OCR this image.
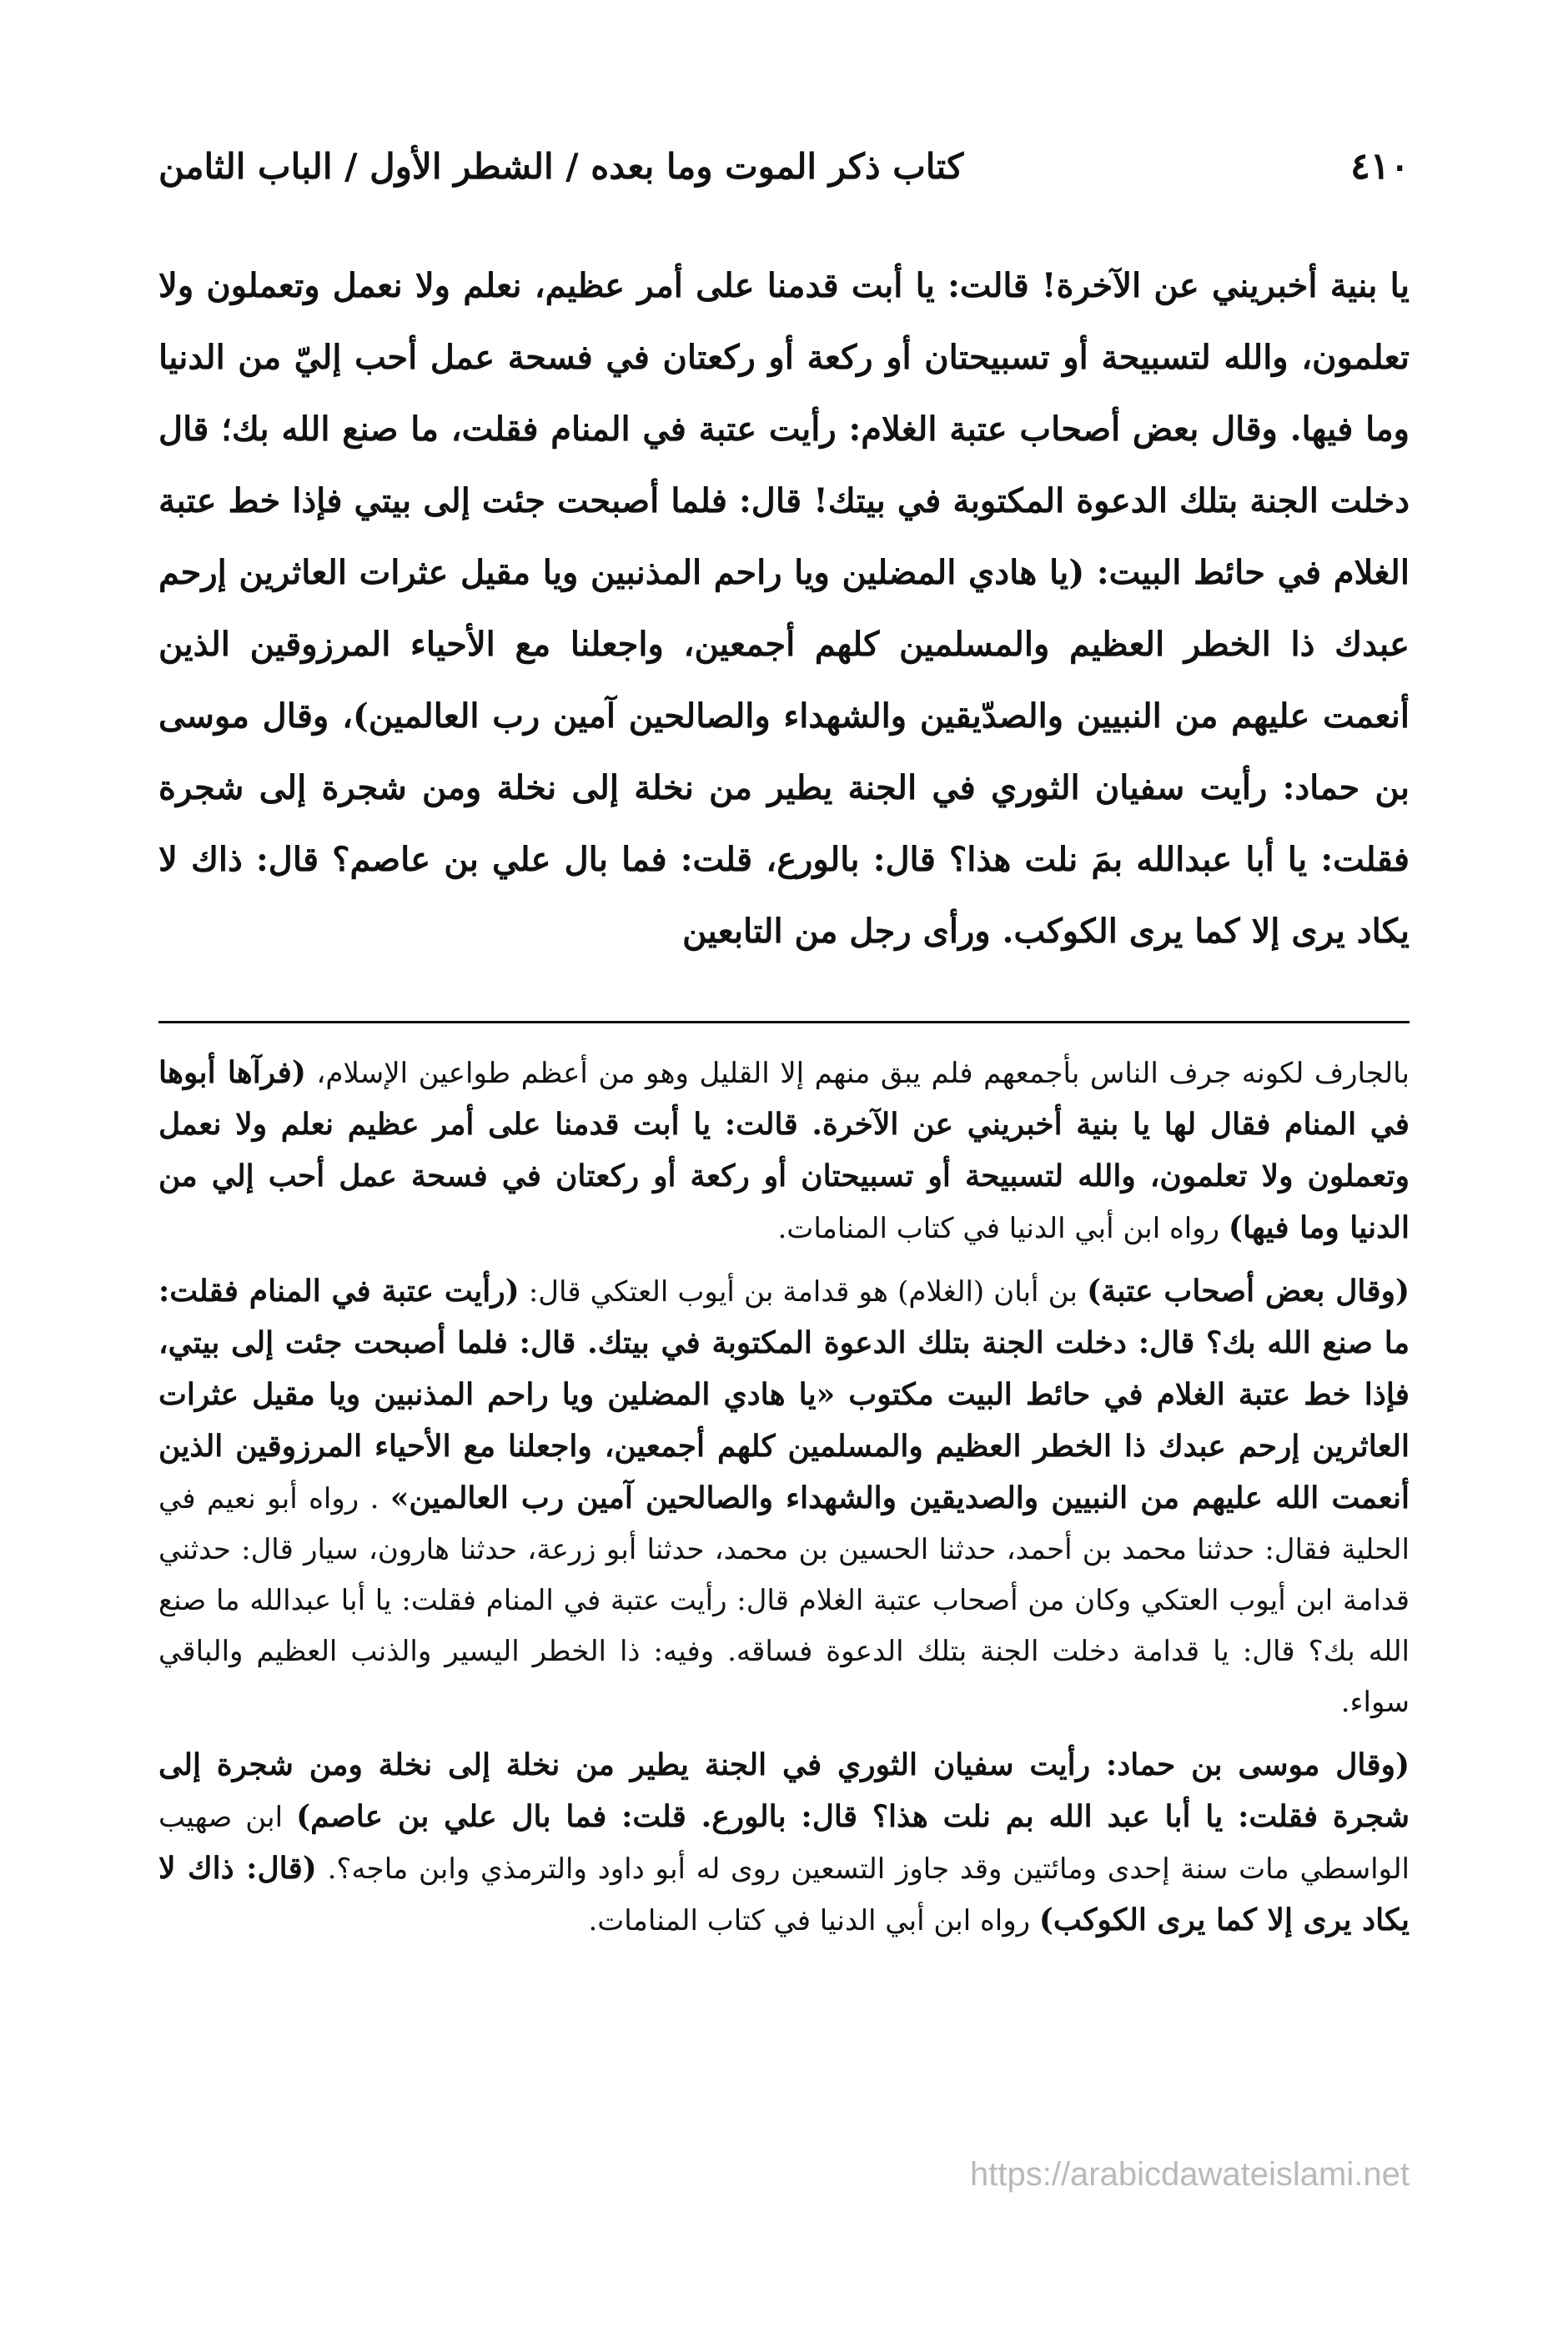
٤١٠
كتاب ذكر الموت وما بعده / الشطر الأول / الباب الثامن

يا بنية أخبريني عن الآخرة! قالت: يا أبت قدمنا على أمر عظيم، نعلم ولا نعمل وتعملون ولا تعلمون، والله لتسبيحة أو تسبيحتان أو ركعة أو ركعتان في فسحة عمل أحب إليّ من الدنيا وما فيها. وقال بعض أصحاب عتبة الغلام: رأيت عتبة في المنام فقلت، ما صنع الله بك؛ قال دخلت الجنة بتلك الدعوة المكتوبة في بيتك! قال: فلما أصبحت جئت إلى بيتي فإذا خط عتبة الغلام في حائط البيت: (يا هادي المضلين ويا راحم المذنبين ويا مقيل عثرات العاثرين إرحم عبدك ذا الخطر العظيم والمسلمين كلهم أجمعين، واجعلنا مع الأحياء المرزوقين الذين أنعمت عليهم من النبيين والصدّيقين والشهداء والصالحين آمين رب العالمين)، وقال موسى بن حماد: رأيت سفيان الثوري في الجنة يطير من نخلة إلى نخلة ومن شجرة إلى شجرة فقلت: يا أبا عبدالله بمَ نلت هذا؟ قال: بالورع، قلت: فما بال علي بن عاصم؟ قال: ذاك لا يكاد يرى إلا كما يرى الكوكب. ورأى رجل من التابعين

بالجارف لكونه جرف الناس بأجمعهم فلم يبق منهم إلا القليل وهو من أعظم طواعين الإسلام، (فرآها أبوها في المنام فقال لها يا بنية أخبريني عن الآخرة. قالت: يا أبت قدمنا على أمر عظيم نعلم ولا نعمل وتعملون ولا تعلمون، والله لتسبيحة أو تسبيحتان أو ركعة أو ركعتان في فسحة عمل أحب إلي من الدنيا وما فيها) رواه ابن أبي الدنيا في كتاب المنامات.

(وقال بعض أصحاب عتبة) بن أبان (الغلام) هو قدامة بن أيوب العتكي قال: (رأيت عتبة في المنام فقلت: ما صنع الله بك؟ قال: دخلت الجنة بتلك الدعوة المكتوبة في بيتك. قال: فلما أصبحت جئت إلى بيتي، فإذا خط عتبة الغلام في حائط البيت مكتوب «يا هادي المضلين ويا راحم المذنبين ويا مقيل عثرات العاثرين إرحم عبدك ذا الخطر العظيم والمسلمين كلهم أجمعين، واجعلنا مع الأحياء المرزوقين الذين أنعمت الله عليهم من النبيين والصديقين والشهداء والصالحين آمين رب العالمين» . رواه أبو نعيم في الحلية فقال: حدثنا محمد بن أحمد، حدثنا الحسين بن محمد، حدثنا أبو زرعة، حدثنا هارون، سيار قال: حدثني قدامة ابن أيوب العتكي وكان من أصحاب عتبة الغلام قال: رأيت عتبة في المنام فقلت: يا أبا عبدالله ما صنع الله بك؟ قال: يا قدامة دخلت الجنة بتلك الدعوة فساقه. وفيه: ذا الخطر اليسير والذنب العظيم والباقي سواء.

(وقال موسى بن حماد: رأيت سفيان الثوري في الجنة يطير من نخلة إلى نخلة ومن شجرة إلى شجرة فقلت: يا أبا عبد الله بم نلت هذا؟ قال: بالورع. قلت: فما بال علي بن عاصم) ابن صهيب الواسطي مات سنة إحدى ومائتين وقد جاوز التسعين روى له أبو داود والترمذي وابن ماجه؟. (قال: ذاك لا يكاد يرى إلا كما يرى الكوكب) رواه ابن أبي الدنيا في كتاب المنامات.

https://arabicdawateislami.net
